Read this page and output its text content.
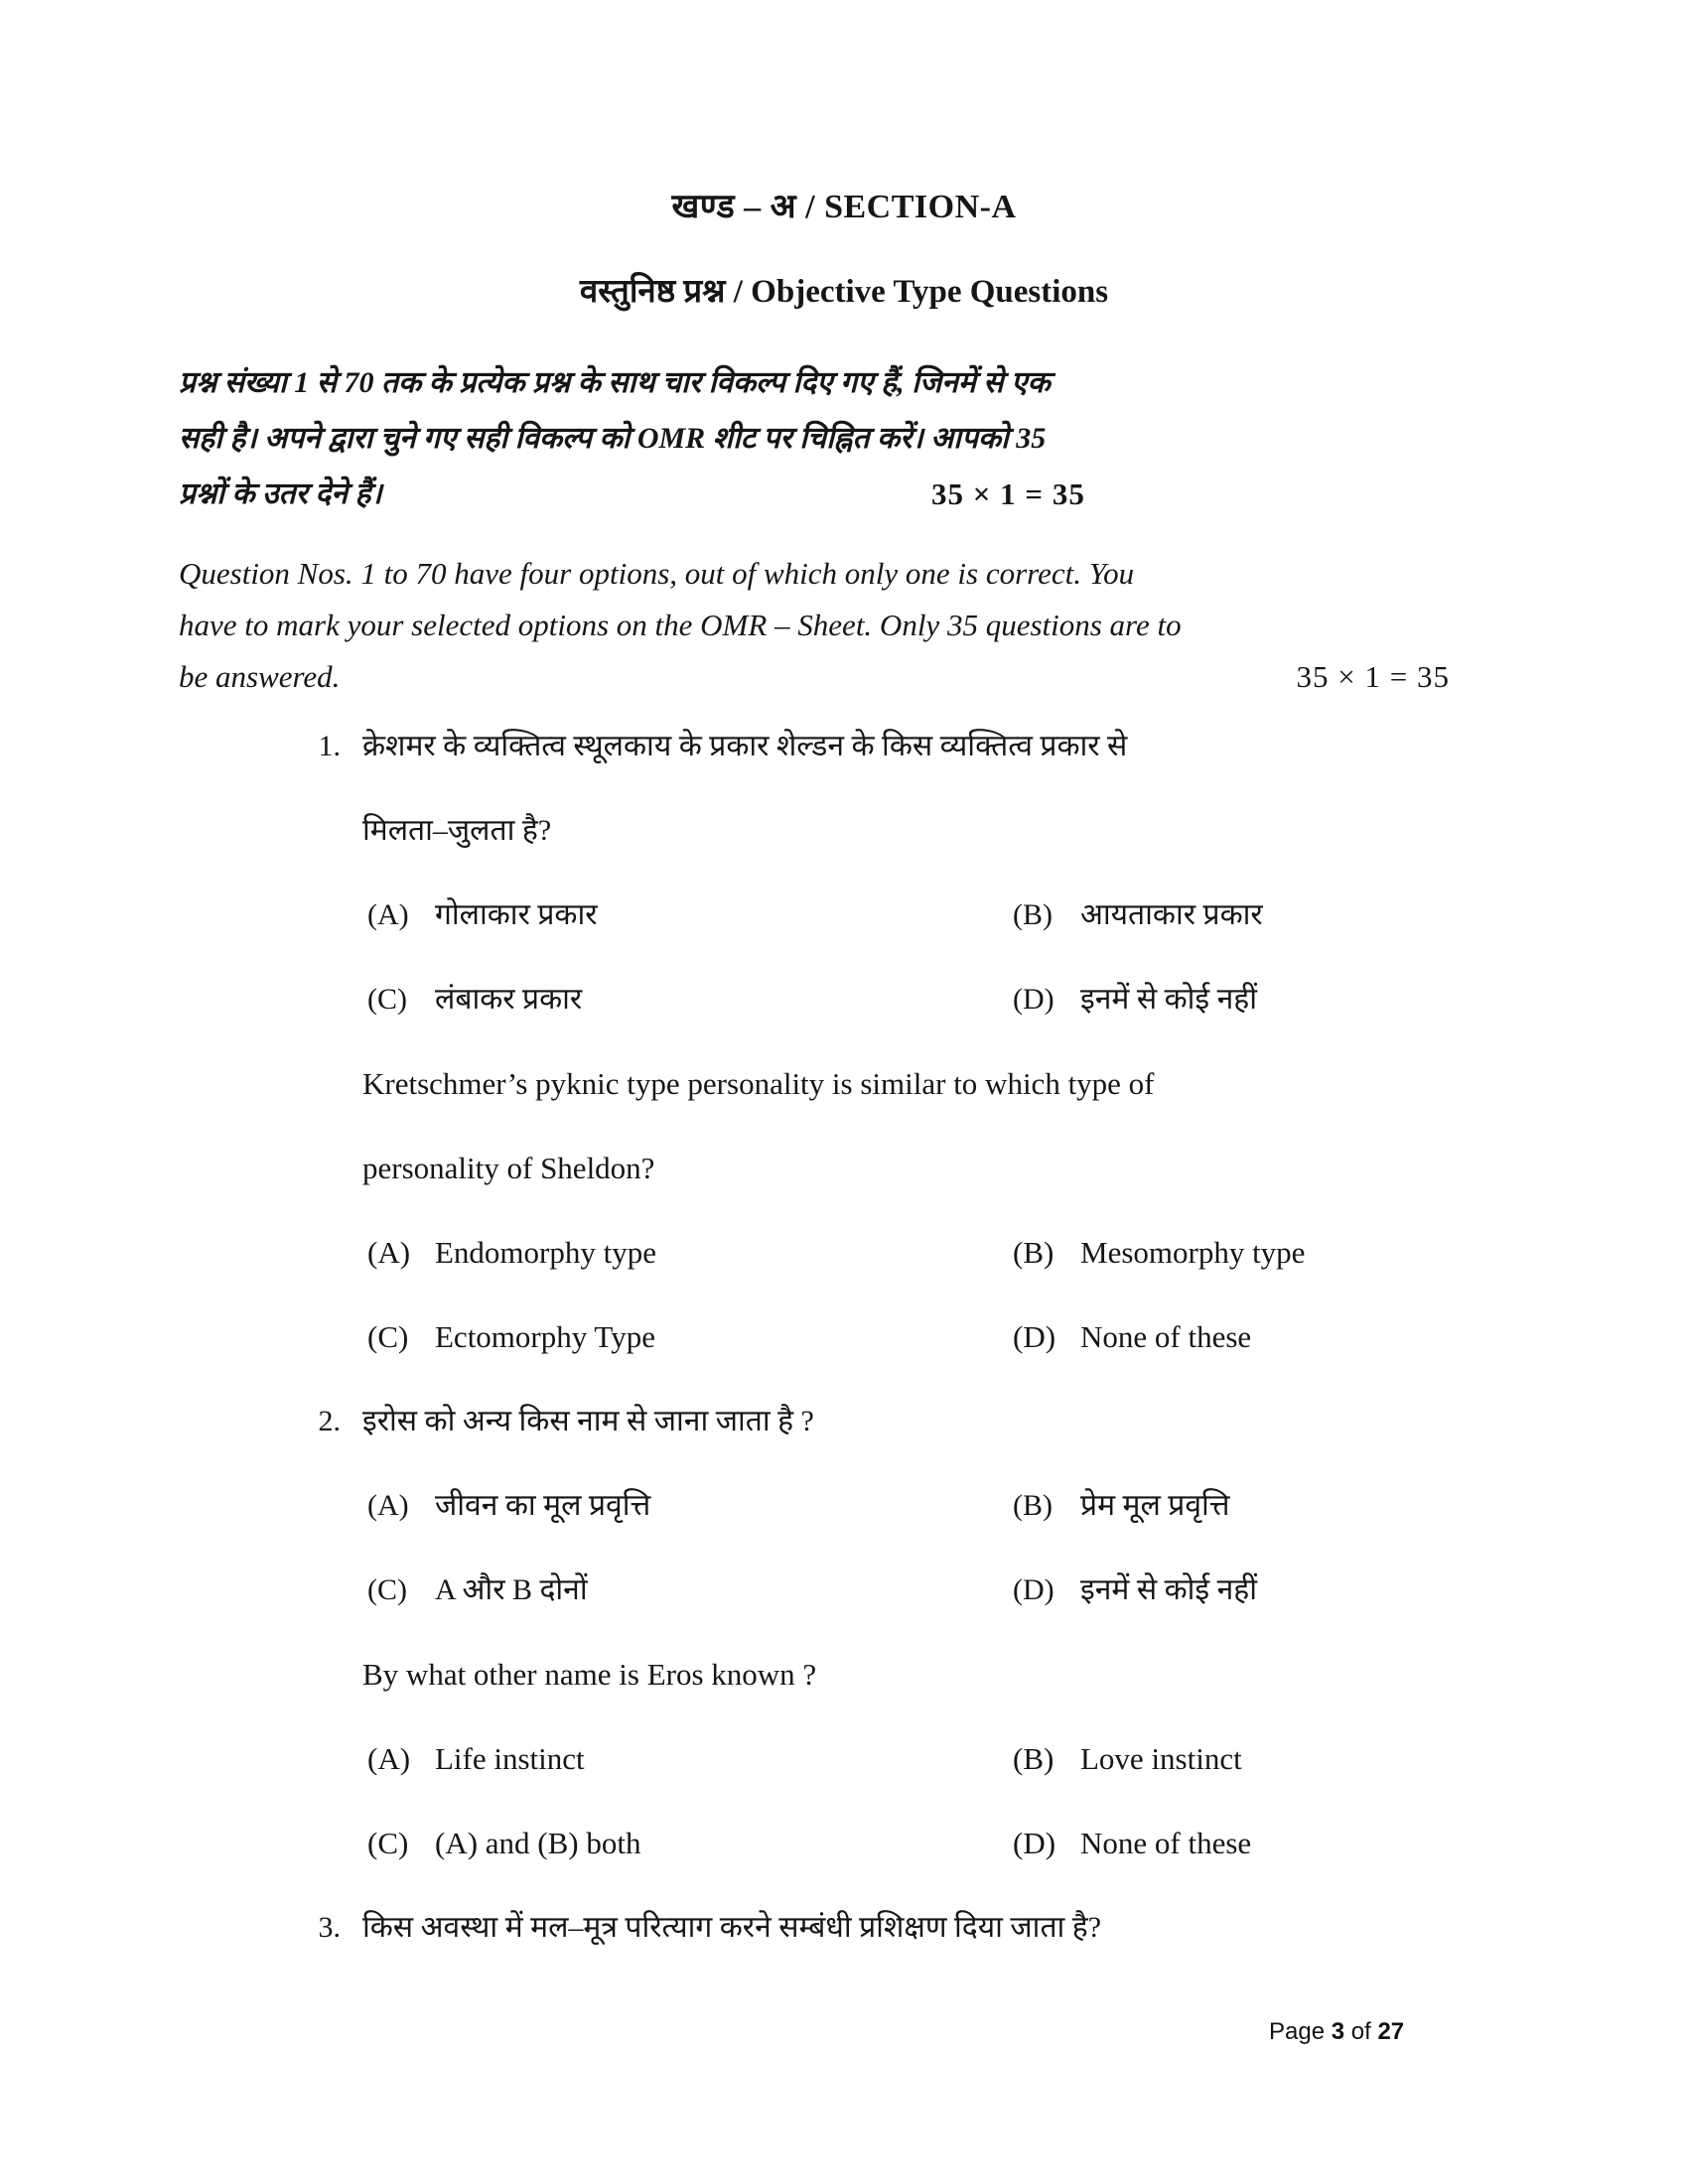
खण्ड – अ / SECTION-A
वस्तुनिष्ठ प्रश्न / Objective Type Questions
प्रश्न संख्या 1 से 70 तक के प्रत्येक प्रश्न के साथ चार विकल्प दिए गए हैं, जिनमें से एक
सही है। अपने द्वारा चुने गए सही विकल्प को OMR शीट पर चिह्नित करें। आपको 35
प्रश्नों के उतर देने हैं।	35 × 1 = 35
Question Nos. 1 to 70 have four options, out of which only one is correct. You
have to mark your selected options on the OMR – Sheet. Only 35 questions are to
be answered.	35 × 1 = 35
1. क्रेशमर के व्यक्तित्व स्थूलकाय के प्रकार शेल्डन के किस व्यक्तित्व प्रकार से
मिलता–जुलता है?
(A) गोलाकार प्रकार	(B) आयताकार प्रकार
(C) लंबाकर प्रकार	(D) इनमें से कोई नहीं
Kretschmer’s pyknic type personality is similar to which type of
personality of Sheldon?
(A) Endomorphy type	(B) Mesomorphy type
(C) Ectomorphy Type	(D) None of these
2. इरोस को अन्य किस नाम से जाना जाता है ?
(A) जीवन का मूल प्रवृत्ति	(B) प्रेम मूल प्रवृत्ति
(C) A और B दोनों	(D) इनमें से कोई नहीं
By what other name is Eros known ?
(A) Life instinct	(B) Love instinct
(C) (A) and (B) both	(D) None of these
3. किस अवस्था में मल–मूत्र परित्याग करने सम्बंधी प्रशिक्षण दिया जाता है?
Page 3 of 27
